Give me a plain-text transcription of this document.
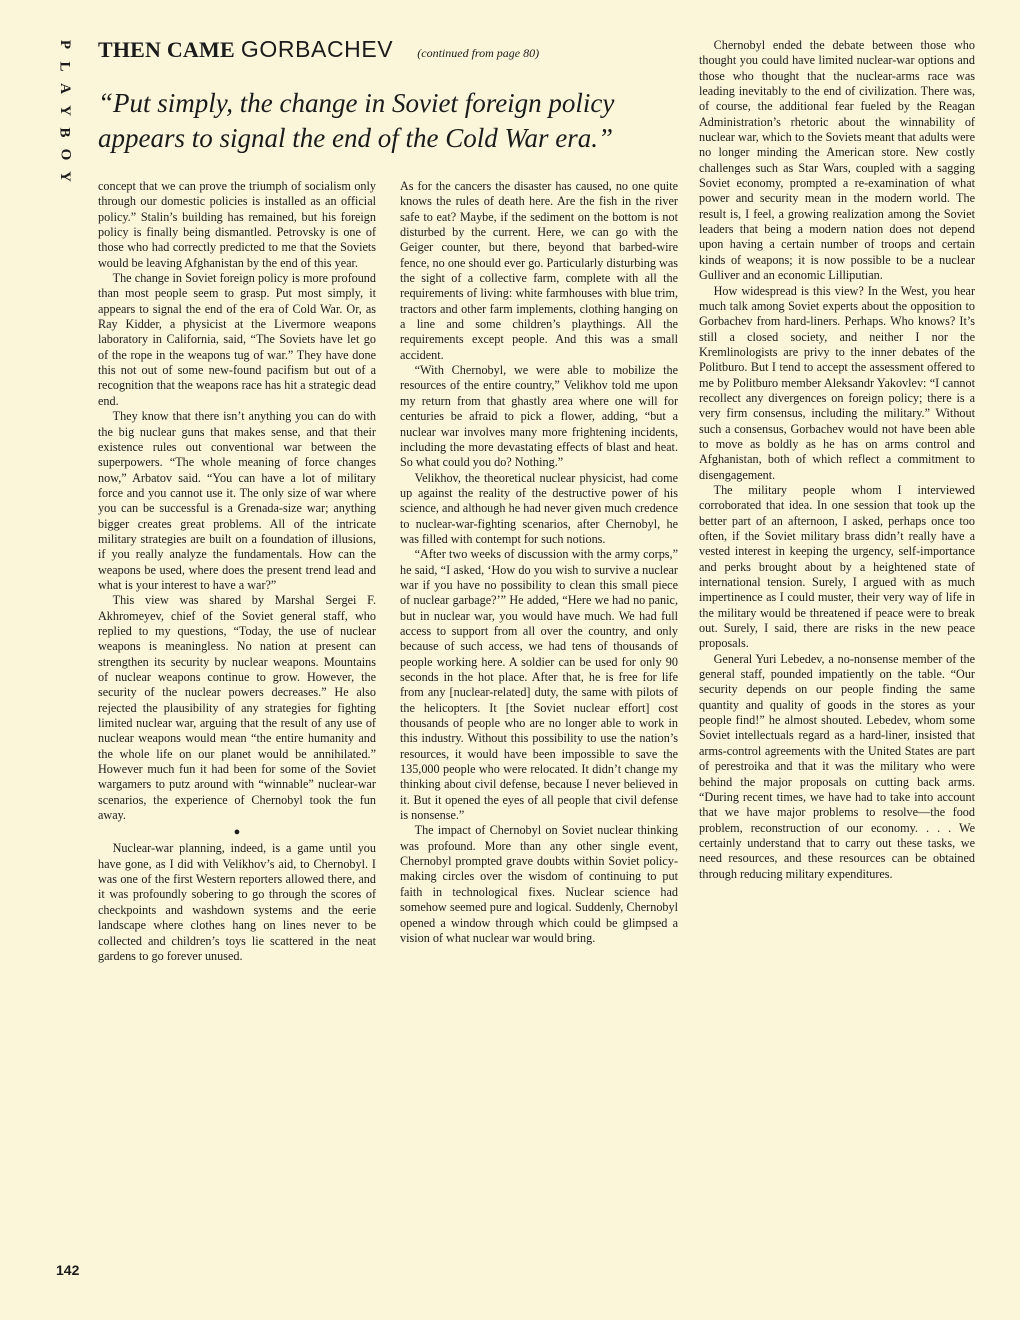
P
L
A
Y
B
O
Y
THEN CAME GORBACHEV (continued from page 80)

“Put simply, the change in Soviet foreign policy appears to signal the end of the Cold War era.”

concept that we can prove the triumph of socialism only through our domestic policies is installed as an official policy.” Stalin’s building has remained, but his foreign policy is finally being dismantled. Petrovsky is one of those who had correctly predicted to me that the Soviets would be leaving Afghanistan by the end of this year.

The change in Soviet foreign policy is more profound than most people seem to grasp. Put most simply, it appears to signal the end of the era of Cold War. Or, as Ray Kidder, a physicist at the Livermore weapons laboratory in California, said, “The Soviets have let go of the rope in the weapons tug of war.” They have done this not out of some new-found pacifism but out of a recognition that the weapons race has hit a strategic dead end.

They know that there isn’t anything you can do with the big nuclear guns that makes sense, and that their existence rules out conventional war between the superpowers. “The whole meaning of force changes now,” Arbatov said. “You can have a lot of military force and you cannot use it. The only size of war where you can be successful is a Grenada-size war; anything bigger creates great problems. All of the intricate military strategies are built on a foundation of illusions, if you really analyze the fundamentals. How can the weapons be used, where does the present trend lead and what is your interest to have a war?”

This view was shared by Marshal Sergei F. Akhromeyev, chief of the Soviet general staff, who replied to my questions, “Today, the use of nuclear weapons is meaningless. No nation at present can strengthen its security by nuclear weapons. Mountains of nuclear weapons continue to grow. However, the security of the nuclear powers decreases.” He also rejected the plausibility of any strategies for fighting limited nuclear war, arguing that the result of any use of nuclear weapons would mean “the entire humanity and the whole life on our planet would be annihilated.” However much fun it had been for some of the Soviet wargamers to putz around with “winnable” nuclear-war scenarios, the experience of Chernobyl took the fun away.

●

Nuclear-war planning, indeed, is a game until you have gone, as I did with Velikhov’s aid, to Chernobyl. I was one of the first Western reporters allowed there, and it was profoundly sobering to go through the scores of checkpoints and washdown systems and the eerie landscape where clothes hang on lines never to be collected and children’s toys lie scattered in the neat gardens to go forever unused.

As for the cancers the disaster has caused, no one quite knows the rules of death here. Are the fish in the river safe to eat? Maybe, if the sediment on the bottom is not disturbed by the current. Here, we can go with the Geiger counter, but there, beyond that barbed-wire fence, no one should ever go. Particularly disturbing was the sight of a collective farm, complete with all the requirements of living: white farmhouses with blue trim, tractors and other farm implements, clothing hanging on a line and some children’s playthings. All the requirements except people. And this was a small accident.

“With Chernobyl, we were able to mobilize the resources of the entire country,” Velikhov told me upon my return from that ghastly area where one will for centuries be afraid to pick a flower, adding, “but a nuclear war involves many more frightening incidents, including the more devastating effects of blast and heat. So what could you do? Nothing.”

Velikhov, the theoretical nuclear physicist, had come up against the reality of the destructive power of his science, and although he had never given much credence to nuclear-war-fighting scenarios, after Chernobyl, he was filled with contempt for such notions.

“After two weeks of discussion with the army corps,” he said, “I asked, ‘How do you wish to survive a nuclear war if you have no possibility to clean this small piece of nuclear garbage?’” He added, “Here we had no panic, but in nuclear war, you would have much. We had full access to support from all over the country, and only because of such access, we had tens of thousands of people working here. A soldier can be used for only 90 seconds in the hot place. After that, he is free for life from any [nuclear-related] duty, the same with pilots of the helicopters. It [the Soviet nuclear effort] cost thousands of people who are no longer able to work in this industry. Without this possibility to use the nation’s resources, it would have been impossible to save the 135,000 people who were relocated. It didn’t change my thinking about civil defense, because I never believed in it. But it opened the eyes of all people that civil defense is nonsense.”

The impact of Chernobyl on Soviet nuclear thinking was profound. More than any other single event, Chernobyl prompted grave doubts within Soviet policy-making circles over the wisdom of continuing to put faith in technological fixes. Nuclear science had somehow seemed pure and logical. Suddenly, Chernobyl opened a window through which could be glimpsed a vision of what nuclear war would bring.

Chernobyl ended the debate between those who thought you could have limited nuclear-war options and those who thought that the nuclear-arms race was leading inevitably to the end of civilization. There was, of course, the additional fear fueled by the Reagan Administration’s rhetoric about the winnability of nuclear war, which to the Soviets meant that adults were no longer minding the American store. New costly challenges such as Star Wars, coupled with a sagging Soviet economy, prompted a re-examination of what power and security mean in the modern world. The result is, I feel, a growing realization among the Soviet leaders that being a modern nation does not depend upon having a certain number of troops and certain kinds of weapons; it is now possible to be a nuclear Gulliver and an economic Lilliputian.

How widespread is this view? In the West, you hear much talk among Soviet experts about the opposition to Gorbachev from hard-liners. Perhaps. Who knows? It’s still a closed society, and neither I nor the Kremlinologists are privy to the inner debates of the Politburo. But I tend to accept the assessment offered to me by Politburo member Aleksandr Yakovlev: “I cannot recollect any divergences on foreign policy; there is a very firm consensus, including the military.” Without such a consensus, Gorbachev would not have been able to move as boldly as he has on arms control and Afghanistan, both of which reflect a commitment to disengagement.

The military people whom I interviewed corroborated that idea. In one session that took up the better part of an afternoon, I asked, perhaps once too often, if the Soviet military brass didn’t really have a vested interest in keeping the urgency, self-importance and perks brought about by a heightened state of international tension. Surely, I argued with as much impertinence as I could muster, their very way of life in the military would be threatened if peace were to break out. Surely, I said, there are risks in the new peace proposals.

General Yuri Lebedev, a no-nonsense member of the general staff, pounded impatiently on the table. “Our security depends on our people finding the same quantity and quality of goods in the stores as your people find!” he almost shouted. Lebedev, whom some Soviet intellectuals regard as a hard-liner, insisted that arms-control agreements with the United States are part of perestroika and that it was the military who were behind the major proposals on cutting back arms. “During recent times, we have had to take into account that we have major problems to resolve—the food problem, reconstruction of our economy. . . . We certainly understand that to carry out these tasks, we need resources, and these resources can be obtained through reducing military expenditures.

142
